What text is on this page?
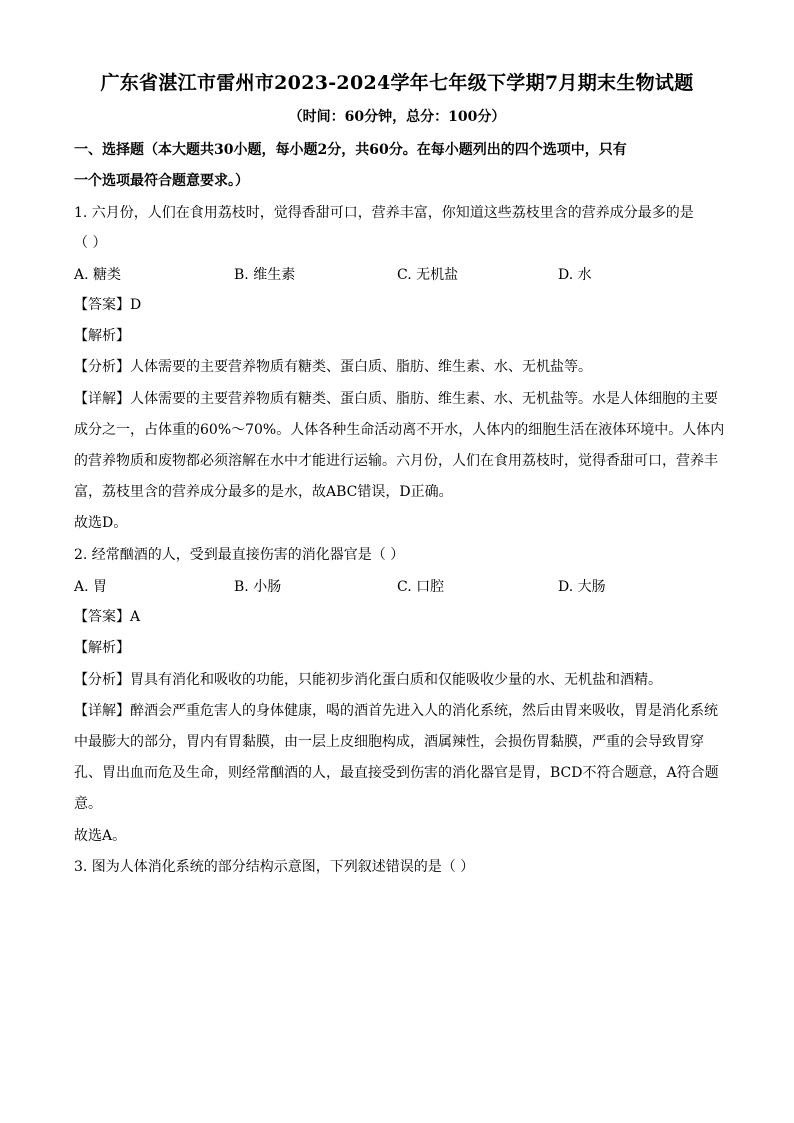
广东省湛江市雷州市2023-2024学年七年级下学期7月期末生物试题
（时间：60分钟，总分：100分）
一、选择题（本大题共30小题，每小题2分，共60分。在每小题列出的四个选项中，只有
一个选项最符合题意要求。）
1. 六月份，人们在食用荔枝时，觉得香甜可口，营养丰富，你知道这些荔枝里含的营养成分最多的是
（ ）
A. 糖类	B. 维生素	C. 无机盐	D. 水
【答案】D
【解析】
【分析】人体需要的主要营养物质有糖类、蛋白质、脂肪、维生素、水、无机盐等。
【详解】人体需要的主要营养物质有糖类、蛋白质、脂肪、维生素、水、无机盐等。水是人体细胞的主要
成分之一，占体重的60%～70%。人体各种生命活动离不开水，人体内的细胞生活在液体环境中。人体内
的营养物质和废物都必须溶解在水中才能进行运输。六月份，人们在食用荔枝时，觉得香甜可口，营养丰
富，荔枝里含的营养成分最多的是水，故ABC错误，D正确。
故选D。
2. 经常酗酒的人，受到最直接伤害的消化器官是（ ）
A. 胃	B. 小肠	C. 口腔	D. 大肠
【答案】A
【解析】
【分析】胃具有消化和吸收的功能，只能初步消化蛋白质和仅能吸收少量的水、无机盐和酒精。
【详解】醉酒会严重危害人的身体健康，喝的酒首先进入人的消化系统，然后由胃来吸收，胃是消化系统
中最膨大的部分，胃内有胃黏膜，由一层上皮细胞构成，酒属辣性，会损伤胃黏膜，严重的会导致胃穿
孔、胃出血而危及生命，则经常酗酒的人，最直接受到伤害的消化器官是胃，BCD不符合题意，A符合题
意。
故选A。
3. 图为人体消化系统的部分结构示意图，下列叙述错误的是（ ）
